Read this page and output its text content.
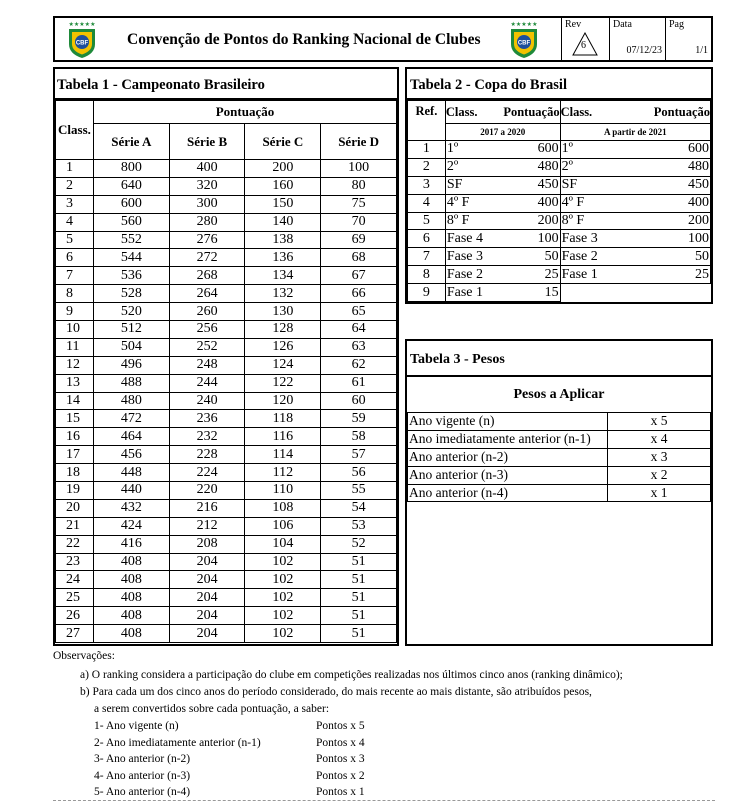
★★★★★
CBF	Convenção de Pontos do Ranking Nacional de Clubes
★★★★★
CBF
Rev
6
Data
07/12/23
Pag
1/1
Tabela 1 - Campeonato Brasileiro
Class.	Pontuação			
	Série A	Série B	Série C	Série D
1	800	400	200	100
2	640	320	160	80
3	600	300	150	75
4	560	280	140	70
5	552	276	138	69
6	544	272	136	68
7	536	268	134	67
8	528	264	132	66
9	520	260	130	65
10	512	256	128	64
11	504	252	126	63
12	496	248	124	62
13	488	244	122	61
14	480	240	120	60
15	472	236	118	59
16	464	232	116	58
17	456	228	114	57
18	448	224	112	56
19	440	220	110	55
20	432	216	108	54
21	424	212	106	53
22	416	208	104	52
23	408	204	102	51
24	408	204	102	51
25	408	204	102	51
26	408	204	102	51
27	408	204	102	51
Tabela 2 - Copa do Brasil
Ref.	Class.	Pontuação	Class.	Pontuação
	2017 a 2020		A partir de 2021	
1	1º	600	1º	600
2	2º	480	2º	480
3	SF	450	SF	450
4	4º F	400	4º F	400
5	8º F	200	8º F	200
6	Fase 4	100	Fase 3	100
7	Fase 3	50	Fase 2	50
8	Fase 2	25	Fase 1	25
9	Fase 1	15		
Tabela 3 - Pesos
Pesos a Aplicar
Ano vigente (n)	x 5
Ano imediatamente anterior (n-1)	x 4
Ano anterior (n-2)	x 3
Ano anterior (n-3)	x 2
Ano anterior (n-4)	x 1
Observações:
a) O ranking considera a participação do clube em competições realizadas nos últimos cinco anos (ranking dinâmico);
b) Para cada um dos cinco anos do período considerado, do mais recente ao mais distante, são atribuídos pesos,
a serem convertidos sobre cada pontuação, a saber:
1- Ano vigente (n)	Pontos x 5
2- Ano imediatamente anterior (n-1)	Pontos x 4
3- Ano anterior (n-2)	Pontos x 3
4- Ano anterior (n-3)	Pontos x 2
5- Ano anterior (n-4)	Pontos x 1
